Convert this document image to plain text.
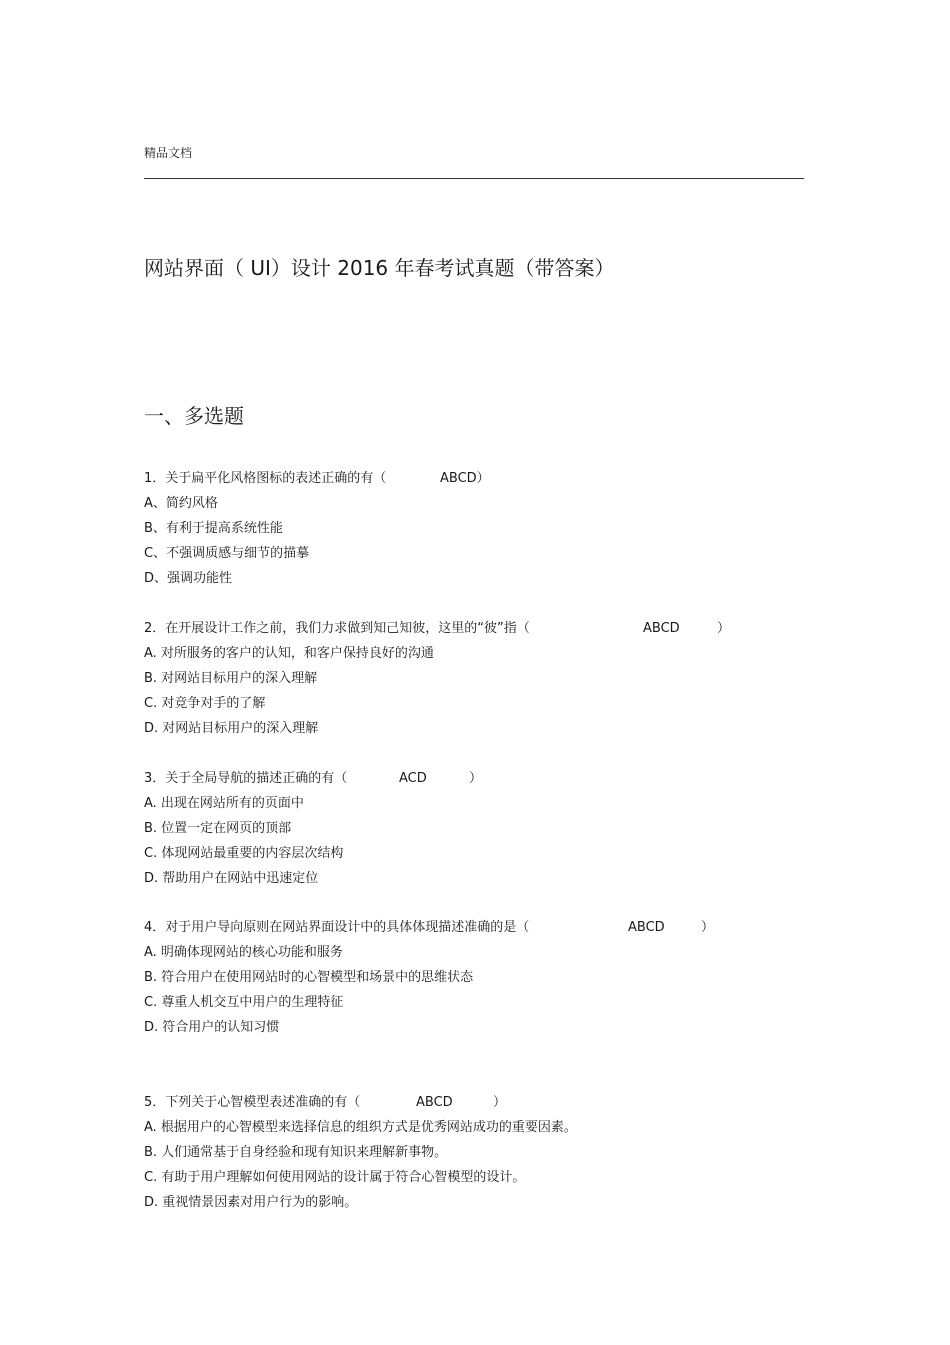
精品文档
网站界面（ UI）设计 2016 年春考试真题（带答案）
一、多选题
1．关于扁平化风格图标的表述正确的有（	ABCD）
A、简约风格
B、有利于提高系统性能
C、不强调质感与细节的描摹
D、强调功能性
2．在开展设计工作之前，我们力求做到知己知彼，这里的“彼”指（	ABCD	）
A. 对所服务的客户的认知，和客户保持良好的沟通
B. 对网站目标用户的深入理解
C. 对竞争对手的了解
D. 对网站目标用户的深入理解
3．关于全局导航的描述正确的有（	ACD	）
A. 出现在网站所有的页面中
B. 位置一定在网页的顶部
C. 体现网站最重要的内容层次结构
D. 帮助用户在网站中迅速定位
4．对于用户导向原则在网站界面设计中的具体体现描述准确的是（	ABCD	）
A. 明确体现网站的核心功能和服务
B. 符合用户在使用网站时的心智模型和场景中的思维状态
C. 尊重人机交互中用户的生理特征
D. 符合用户的认知习惯
5．下列关于心智模型表述准确的有（	ABCD	）
A. 根据用户的心智模型来选择信息的组织方式是优秀网站成功的重要因素。
B. 人们通常基于自身经验和现有知识来理解新事物。
C. 有助于用户理解如何使用网站的设计属于符合心智模型的设计。
D. 重视情景因素对用户行为的影响。
